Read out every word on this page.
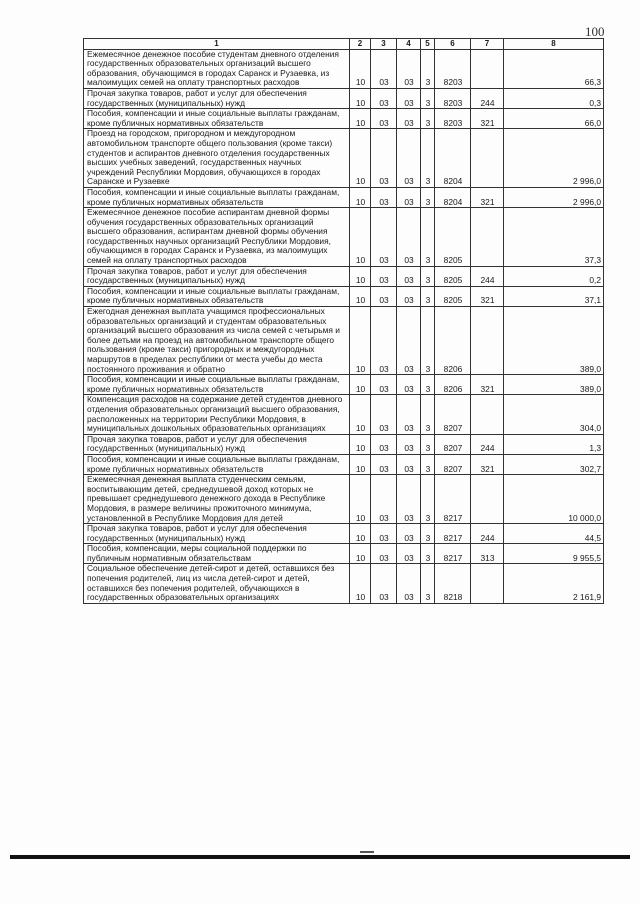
100
1	2	3	4	5	6	7	8
Ежемесячное денежное пособие студентам дневного отделения государственных образовательных организаций высшего образования, обучающимся в городах Саранск и Рузаевка, из малоимущих семей на оплату транспортных расходов	10	03	03	3	8203		66,3
Прочая закупка товаров, работ и услуг для обеспечения государственных (муниципальных) нужд	10	03	03	3	8203	244	0,3
Пособия, компенсации и иные социальные выплаты гражданам, кроме публичных нормативных обязательств	10	03	03	3	8203	321	66,0
Проезд на городском, пригородном и междугородном автомобильном транспорте общего пользования (кроме такси) студентов и аспирантов дневного отделения государственных высших учебных заведений, государственных научных учреждений Республики Мордовия, обучающихся в городах Саранске и Рузаевке	10	03	03	3	8204		2 996,0
Пособия, компенсации и иные социальные выплаты гражданам, кроме публичных нормативных обязательств	10	03	03	3	8204	321	2 996,0
Ежемесячное денежное пособие аспирантам дневной формы обучения государственных образовательных организаций высшего образования, аспирантам дневной формы обучения государственных научных организаций Республики Мордовия, обучающимся в городах Саранск и Рузаевка, из малоимущих семей на оплату транспортных расходов	10	03	03	3	8205		37,3
Прочая закупка товаров, работ и услуг для обеспечения государственных (муниципальных) нужд	10	03	03	3	8205	244	0,2
Пособия, компенсации и иные социальные выплаты гражданам, кроме публичных нормативных обязательств	10	03	03	3	8205	321	37,1
Ежегодная денежная выплата учащимся профессиональных образовательных организаций и студентам образовательных организаций высшего образования из числа семей с четырьмя и более детьми на проезд на автомобильном транспорте общего пользования (кроме такси) пригородных и междугородных маршрутов в пределах республики от места учебы до места постоянного проживания и обратно	10	03	03	3	8206		389,0
Пособия, компенсации и иные социальные выплаты гражданам, кроме публичных нормативных обязательств	10	03	03	3	8206	321	389,0
Компенсация расходов на содержание детей студентов дневного отделения образовательных организаций высшего образования, расположенных на территории Республики Мордовия, в муниципальных дошкольных образовательных организациях	10	03	03	3	8207		304,0
Прочая закупка товаров, работ и услуг для обеспечения государственных (муниципальных) нужд	10	03	03	3	8207	244	1,3
Пособия, компенсации и иные социальные выплаты гражданам, кроме публичных нормативных обязательств	10	03	03	3	8207	321	302,7
Ежемесячная денежная выплата студенческим семьям, воспитывающим детей, среднедушевой доход которых не превышает среднедушевого денежного дохода в Республике Мордовия, в размере величины прожиточного минимума, установленной в Республике Мордовия для детей	10	03	03	3	8217		10 000,0
Прочая закупка товаров, работ и услуг для обеспечения государственных (муниципальных) нужд	10	03	03	3	8217	244	44,5
Пособия, компенсации, меры социальной поддержки по публичным нормативным обязательствам	10	03	03	3	8217	313	9 955,5
Социальное обеспечение детей-сирот и детей, оставшихся без попечения родителей, лиц из числа детей-сирот и детей, оставшихся без попечения родителей, обучающихся в государственных образовательных организациях	10	03	03	3	8218		2 161,9
